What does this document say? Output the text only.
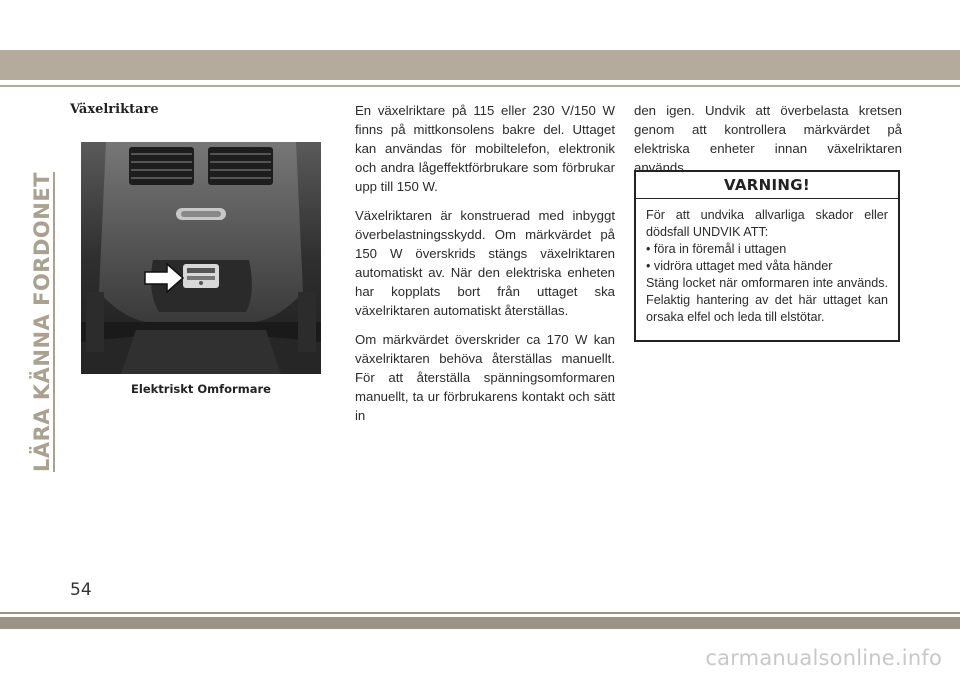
LÄRA KÄNNA FORDONET
Växelriktare
Elektriskt Omformare

En växelriktare på 115 eller 230 V/150 W finns på mittkonsolens bakre del. Uttaget kan användas för mobiltelefon, elektronik och andra lågeffektförbrukare som förbrukar upp till 150 W.

Växelriktaren är konstruerad med inbyggt överbelastningsskydd. Om märkvärdet på 150 W överskrids stängs växelriktaren automatiskt av. När den elektriska enheten har kopplats bort från uttaget ska växelriktaren automatiskt återställas.

Om märkvärdet överskrider ca 170 W kan växelriktaren behöva återställas manuellt. För att återställa spänningsomformaren manuellt, ta ur förbrukarens kontakt och sätt in

den igen. Undvik att överbelasta kretsen genom att kontrollera märkvärdet på elektriska enheter innan växelriktaren används.

VARNING!
För att undvika allvarliga skador eller dödsfall UNDVIK ATT:
• föra in föremål i uttagen
• vidröra uttaget med våta händer
Stäng locket när omformaren inte används. Felaktig hantering av det här uttaget kan orsaka elfel och leda till elstötar.
54
carmanualsonline.info
